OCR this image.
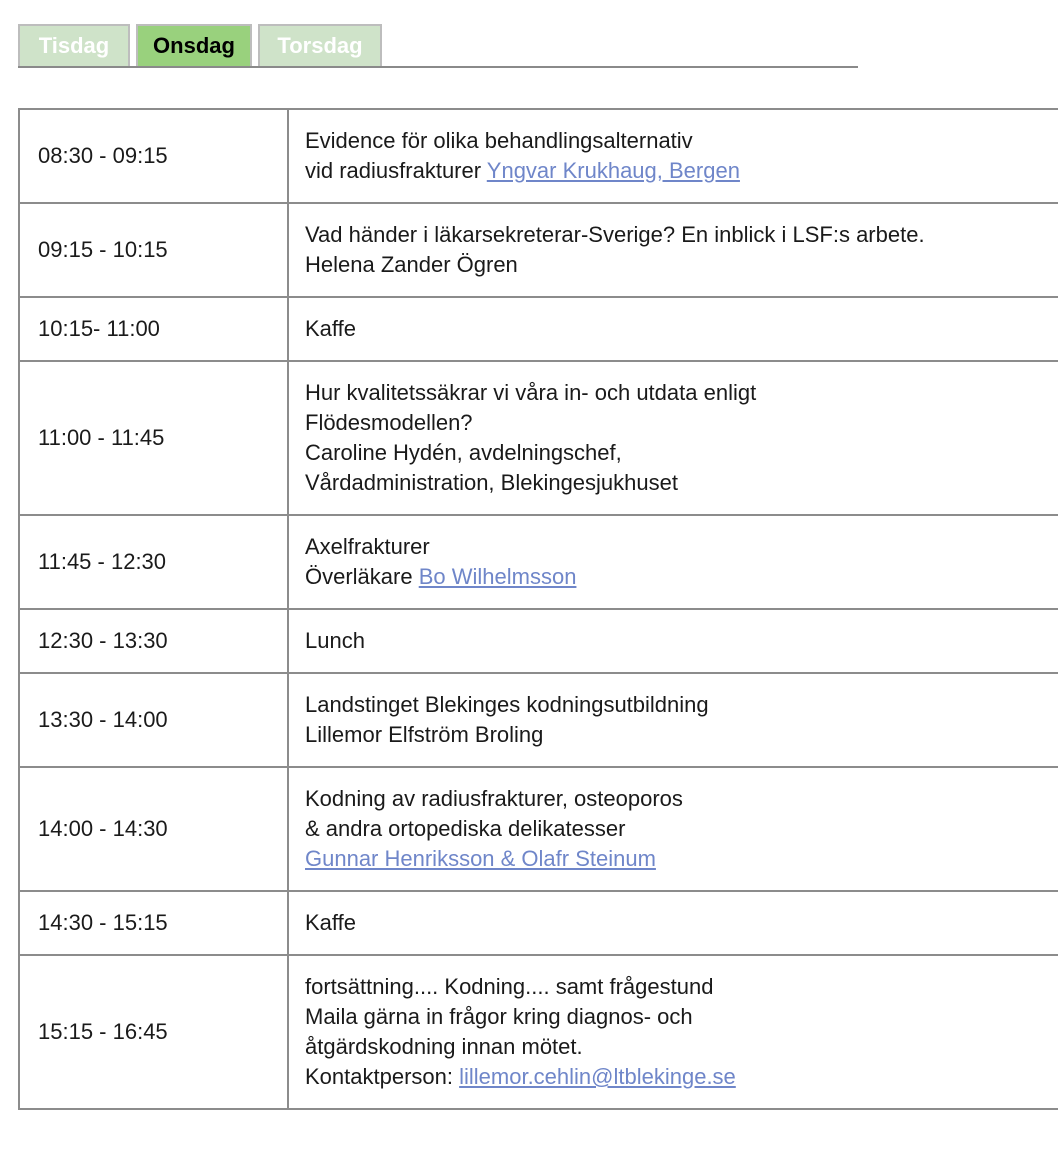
Tisdag	Onsdag	Torsdag
08:30 - 09:15	Evidence för olika behandlingsalternativ
vid radiusfrakturer Yngvar Krukhaug, Bergen
09:15 - 10:15	Vad händer i läkarsekreterar-Sverige? En inblick i LSF:s arbete.
Helena Zander Ögren
10:15- 11:00	Kaffe
11:00 - 11:45	Hur kvalitetssäkrar vi våra in- och utdata enligt
Flödesmodellen?
Caroline Hydén, avdelningschef,
Vårdadministration, Blekingesjukhuset
11:45 - 12:30	Axelfrakturer
Överläkare Bo Wilhelmsson
12:30 - 13:30	Lunch
13:30 - 14:00	Landstinget Blekinges kodningsutbildning
Lillemor Elfström Broling
14:00 - 14:30	Kodning av radiusfrakturer, osteoporos
& andra ortopediska delikatesser
Gunnar Henriksson & Olafr Steinum
14:30 - 15:15	Kaffe
15:15 - 16:45	fortsättning.... Kodning.... samt frågestund
Maila gärna in frågor kring diagnos- och
åtgärdskodning innan mötet.
Kontaktperson: lillemor.cehlin@ltblekinge.se
